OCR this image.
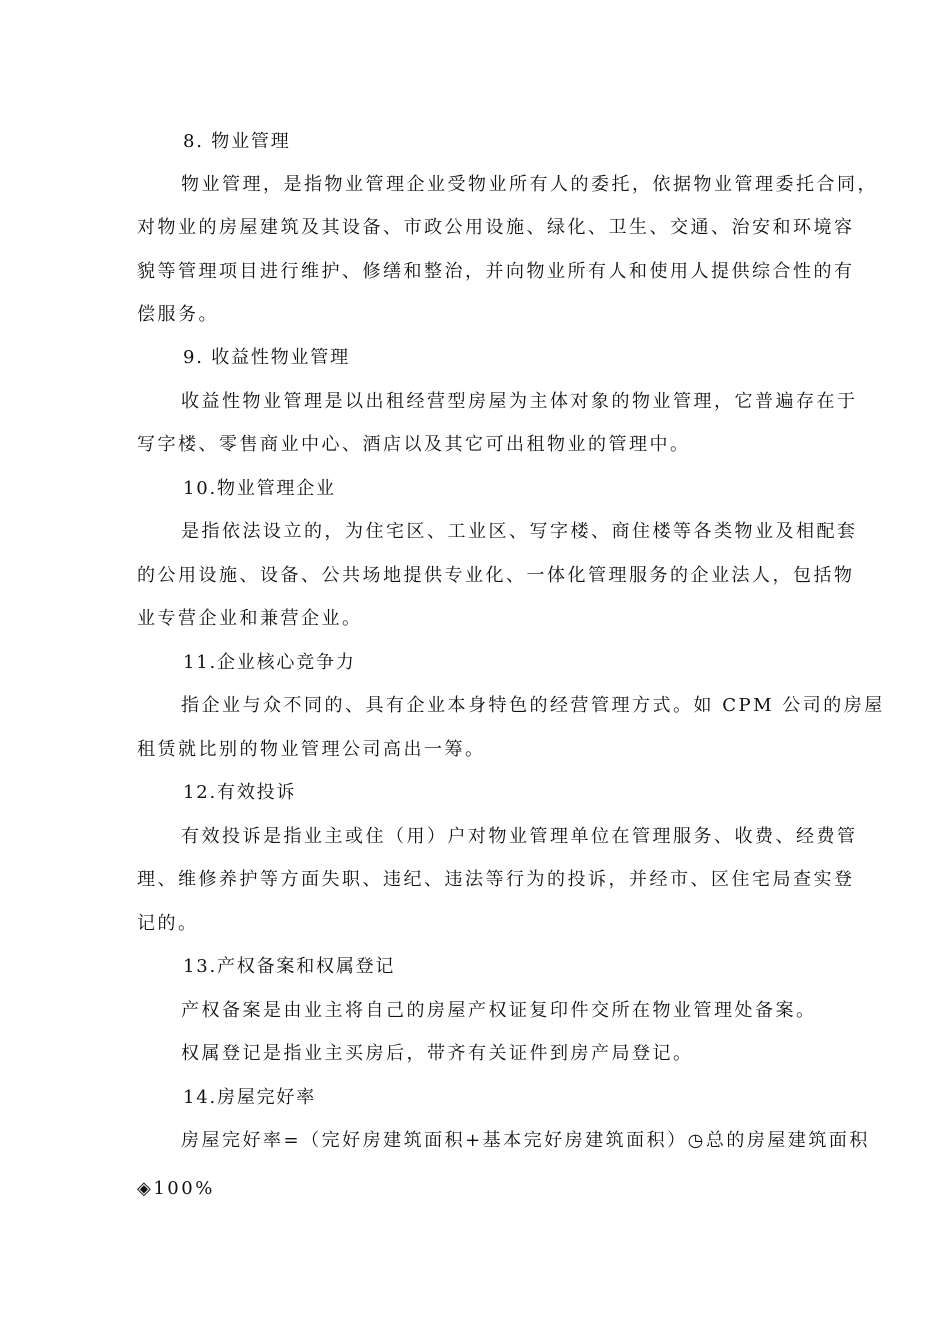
8. 物业管理
物业管理，是指物业管理企业受物业所有人的委托，依据物业管理委托合同，
对物业的房屋建筑及其设备、市政公用设施、绿化、卫生、交通、治安和环境容
貌等管理项目进行维护、修缮和整治，并向物业所有人和使用人提供综合性的有
偿服务。
9. 收益性物业管理
收益性物业管理是以出租经营型房屋为主体对象的物业管理，它普遍存在于
写字楼、零售商业中心、酒店以及其它可出租物业的管理中。
10.物业管理企业
是指依法设立的，为住宅区、工业区、写字楼、商住楼等各类物业及相配套
的公用设施、设备、公共场地提供专业化、一体化管理服务的企业法人，包括物
业专营企业和兼营企业。
11.企业核心竞争力
指企业与众不同的、具有企业本身特色的经营管理方式。如 CPM 公司的房屋
租赁就比别的物业管理公司高出一筹。
12.有效投诉
有效投诉是指业主或住（用）户对物业管理单位在管理服务、收费、经费管
理、维修养护等方面失职、违纪、违法等行为的投诉，并经市、区住宅局查实登
记的。
13.产权备案和权属登记
产权备案是由业主将自己的房屋产权证复印件交所在物业管理处备案。
权属登记是指业主买房后，带齐有关证件到房产局登记。
14.房屋完好率
房屋完好率=（完好房建筑面积+基本完好房建筑面积）◷总的房屋建筑面积
◈100%
